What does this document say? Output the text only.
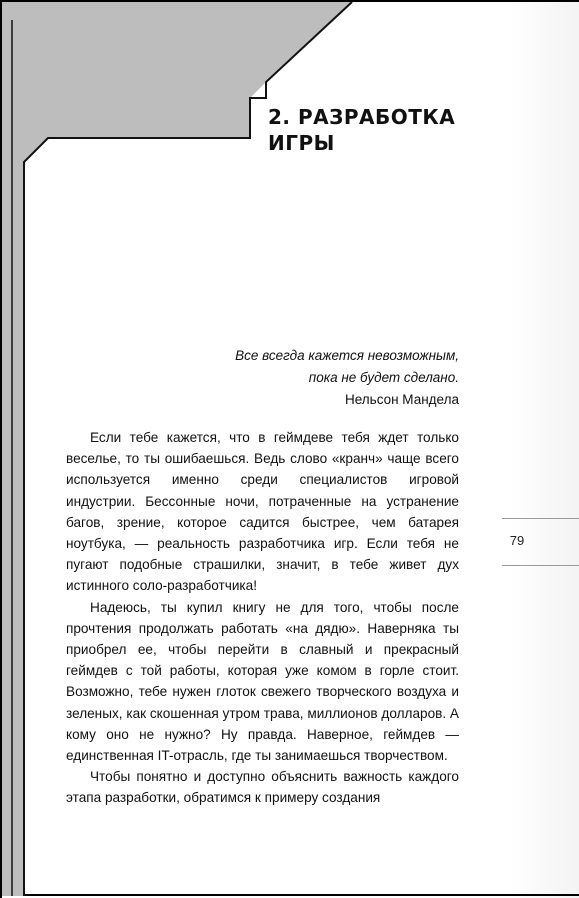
2. РАЗРАБОТКА
ИГРЫ
Все всегда кажется невозможным,
пока не будет сделано.
Нельсон Мандела

Если тебе кажется, что в геймдеве тебя ждет только веселье, то ты ошибаешься. Ведь слово «кранч» чаще всего используется именно среди специалистов игровой индустрии. Бессонные ночи, потраченные на устранение багов, зрение, которое садится быстрее, чем батарея ноутбука, — реальность разработчика игр. Если тебя не пугают подобные страшилки, значит, в тебе живет дух истинного соло-разработчика!

Надеюсь, ты купил книгу не для того, чтобы после прочтения продолжать работать «на дядю». Наверняка ты приобрел ее, чтобы перейти в славный и прекрасный геймдев с той работы, которая уже комом в горле стоит. Возможно, тебе нужен глоток свежего творческого воздуха и зеленых, как скошенная утром трава, миллионов долларов. А кому оно не нужно? Ну правда. Наверное, геймдев — единственная IT-отрасль, где ты занимаешься творчеством.

Чтобы понятно и доступно объяснить важность каждого этапа разработки, обратимся к примеру создания

79
